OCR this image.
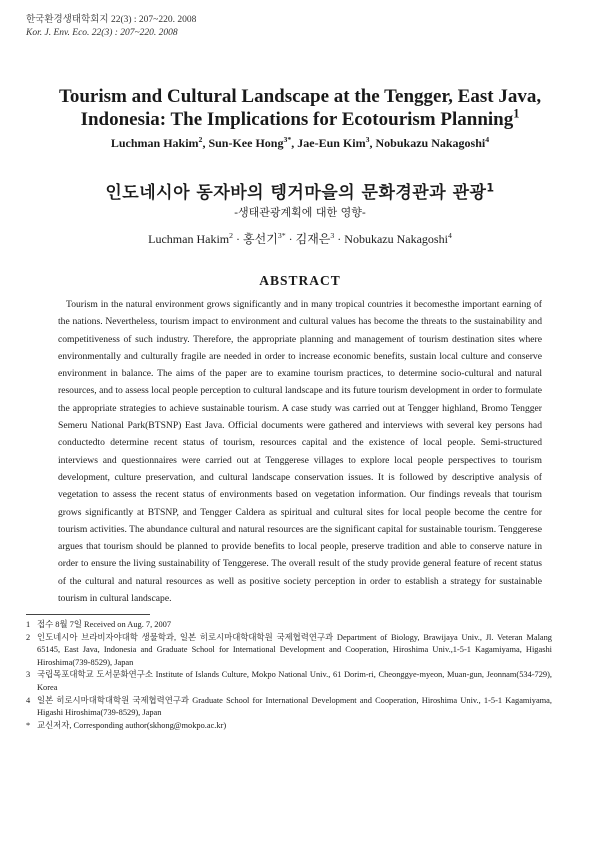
한국환경생태학회지 22(3) : 207~220. 2008
Kor. J. Env. Eco. 22(3) : 207~220. 2008
Tourism and Cultural Landscape at the Tengger, East Java,
Indonesia: The Implications for Ecotourism Planning$^1$
Luchman Hakim$^2$, Sun-Kee Hong$^{3*}$, Jae-Eun Kim$^3$, Nobukazu Nakagoshi$^4$
인도네시아 동자바의 텡거마을의 문화경관과 관광$^1$
-생태관광계획에 대한 영향-
Luchman Hakim$^2$ · 홍선기$^{3*}$ · 김재은$^3$ · Nobukazu Nakagoshi$^4$
ABSTRACT

Tourism in the natural environment grows significantly and in many tropical countries it becomesthe important earning of the nations. Nevertheless, tourism impact to environment and cultural values has become the threats to the sustainability and competitiveness of such industry. Therefore, the appropriate planning and management of tourism destination sites where environmentally and culturally fragile are needed in order to increase economic benefits, sustain local culture and conserve environment in balance. The aims of the paper are to examine tourism practices, to determine socio-cultural and natural resources, and to assess local people perception to cultural landscape and its future tourism development in order to formulate the appropriate strategies to achieve sustainable tourism. A case study was carried out at Tengger highland, Bromo Tengger Semeru National Park(BTSNP) East Java. Official documents were gathered and interviews with several key persons had conductedto determine recent status of tourism, resources capital and the existence of local people. Semi-structured interviews and questionnaires were carried out at Tenggerese villages to explore local people perspectives to tourism development, culture preservation, and cultural landscape conservation issues. It is followed by descriptive analysis of vegetation to assess the recent status of environments based on vegetation information. Our findings reveals that tourism grows significantly at BTSNP, and Tengger Caldera as spiritual and cultural sites for local people become the centre for tourism activities. The abundance cultural and natural resources are the significant capital for sustainable tourism. Tenggerese argues that tourism should be planned to provide benefits to local people, preserve tradition and able to conserve nature in order to ensure the living sustainability of Tenggerese. The overall result of the study provide general feature of recent status of the cultural and natural resources as well as positive society perception in order to establish a strategy for sustainable tourism in cultural landscape.

1 접수 8월 7일 Received on Aug. 7, 2007
2 인도네시아 브라비자야대학 생물학과, 일본 히로시마대학대학원 국제협력연구과 Department of Biology, Brawijaya Univ., Jl. Veteran Malang 65145, East Java, Indonesia and Graduate School for International Development and Cooperation, Hiroshima Univ.,1-5-1 Kagamiyama, Higashi Hiroshima(739-8529), Japan
3 국립목포대학교 도서문화연구소 Institute of Islands Culture, Mokpo National Univ., 61 Dorim-ri, Cheonggye-myeon, Muan-gun, Jeonnam(534-729), Korea
4 일본 히로시마대학대학원 국제협력연구과 Graduate School for International Development and Cooperation, Hiroshima Univ., 1-5-1 Kagamiyama, Higashi Hiroshima(739-8529), Japan
* 교신저자, Corresponding author(skhong@mokpo.ac.kr)
